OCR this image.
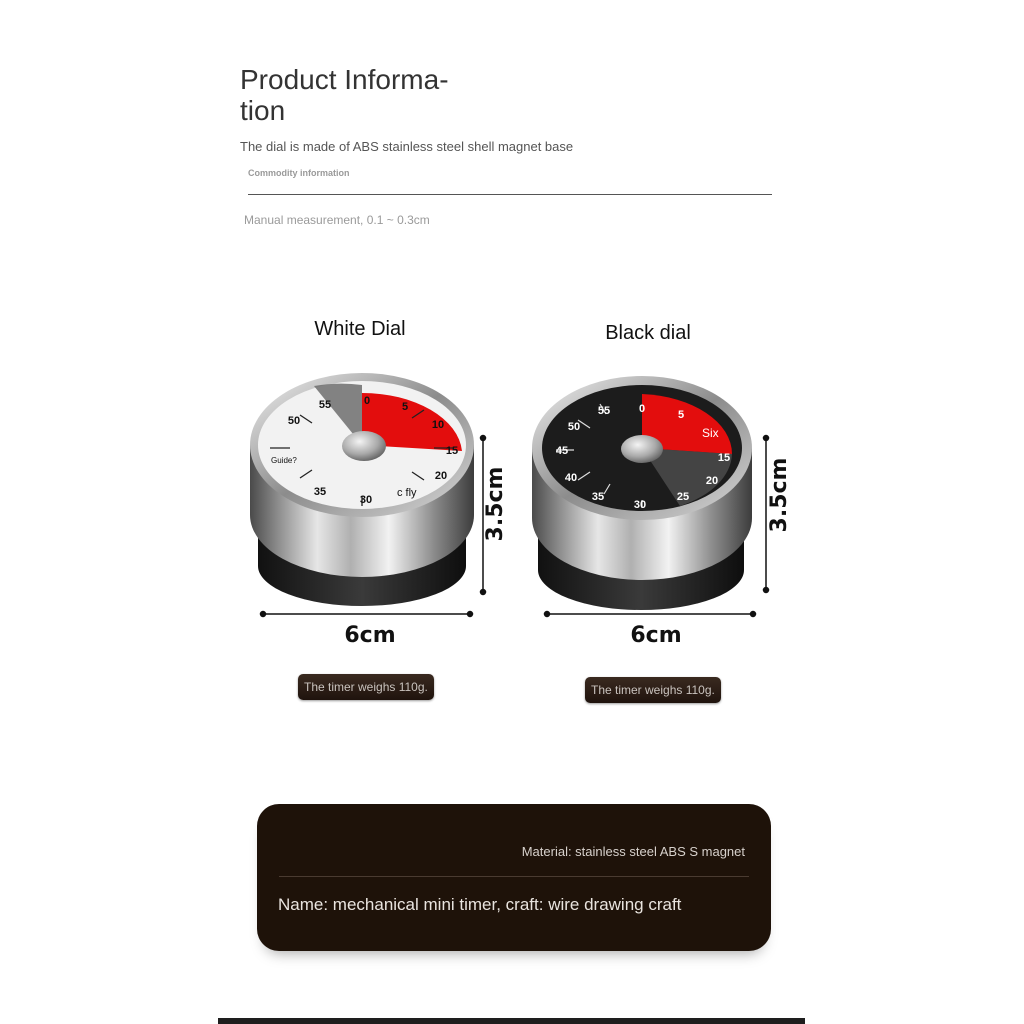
Product Informa-
tion
The dial is made of ABS stainless steel shell magnet base
Commodity information
Manual measurement, 0.1 ~ 0.3cm
White Dial	Black dial
0	5
10
15
20
30
35
50
55
Guide?
c fly
6cm
3.5cm
0	5
15
20
25
30
35
40
45
50
55
Six
6cm
3.5cm
The timer weighs 110g.	The timer weighs 110g.
Material: stainless steel ABS S magnet
Name: mechanical mini timer, craft: wire drawing craft
